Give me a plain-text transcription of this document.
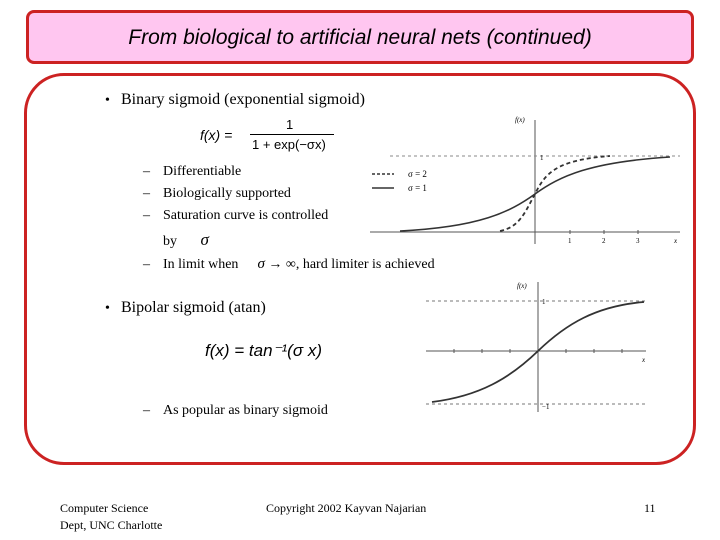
From biological to artificial neural nets (continued)
• Binary sigmoid (exponential sigmoid)
f(x) =
1
1 + exp(−σx)
– Differentiable
– Biologically supported
– Saturation curve is controlled
by σ
– In limit when σ → ∞, hard limiter is achieved
σ = 2
σ = 1
f(x)
1
1	2	3	x
• Bipolar sigmoid (atan)
f(x) = tan⁻¹(σ x)
– As popular as binary sigmoid
f(x)
1
−1
x
Computer Science
Dept, UNC Charlotte
Copyright 2002 Kayvan Najarian	11
